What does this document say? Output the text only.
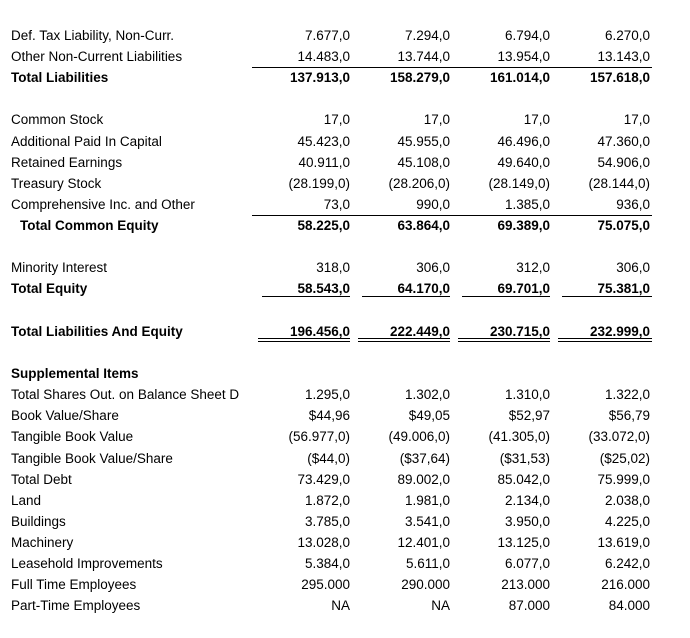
Def. Tax Liability, Non-Curr.	7.677,0	7.294,0	6.794,0	6.270,0
Other Non-Current Liabilities	14.483,0	13.744,0	13.954,0	13.143,0
Total Liabilities	137.913,0	158.279,0	161.014,0	157.618,0
Common Stock	17,0	17,0	17,0	17,0
Additional Paid In Capital	45.423,0	45.955,0	46.496,0	47.360,0
Retained Earnings	40.911,0	45.108,0	49.640,0	54.906,0
Treasury Stock	(28.199,0)	(28.206,0)	(28.149,0)	(28.144,0)
Comprehensive Inc. and Other	73,0	990,0	1.385,0	936,0
Total Common Equity	58.225,0	63.864,0	69.389,0	75.075,0
Minority Interest	318,0	306,0	312,0	306,0
Total Equity	58.543,0	64.170,0	69.701,0	75.381,0
Total Liabilities And Equity	196.456,0	222.449,0	230.715,0	232.999,0
Supplemental Items
Total Shares Out. on Balance Sheet D	1.295,0	1.302,0	1.310,0	1.322,0
Book Value/Share	$44,96	$49,05	$52,97	$56,79
Tangible Book Value	(56.977,0)	(49.006,0)	(41.305,0)	(33.072,0)
Tangible Book Value/Share	($44,0)	($37,64)	($31,53)	($25,02)
Total Debt	73.429,0	89.002,0	85.042,0	75.999,0
Land	1.872,0	1.981,0	2.134,0	2.038,0
Buildings	3.785,0	3.541,0	3.950,0	4.225,0
Machinery	13.028,0	12.401,0	13.125,0	13.619,0
Leasehold Improvements	5.384,0	5.611,0	6.077,0	6.242,0
Full Time Employees	295.000	290.000	213.000	216.000
Part-Time Employees	NA	NA	87.000	84.000
